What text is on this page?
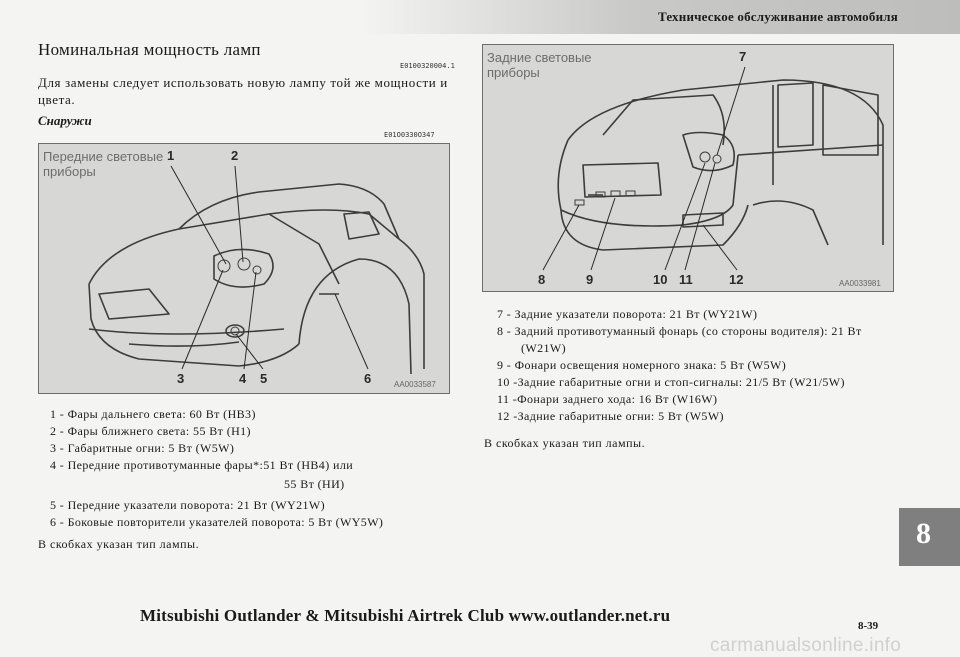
Техническое обслуживание автомобиля
Номинальная мощность ламп
E0100320004.1
Для замены следует использовать новую лампу той же мощности и
цвета.
Снаружи
E01O0330O347
Передние световые
приборы
1	2
3	4 5	6	AA0033587
Задние световые
приборы
7
8	9	10 11	12	AA0033981
1 - Фары дальнего света: 60 Вт (НВ3)
2 - Фары ближнего света: 55 Вт (Н1)
3 - Габаритные огни: 5 Вт (W5W)
4 - Передние противотуманные фары*:51 Вт (НВ4) или
55 Вт (НИ)
5 - Передние указатели поворота: 21 Вт (WY21W)
6 - Боковые повторители указателей поворота: 5 Вт (WY5W)
В скобках указан тип лампы.
7 - Задние указатели поворота: 21 Вт (WY21W)
8 - Задний противотуманный фонарь (со стороны водителя): 21 Вт
(W21W)
9 - Фонари освещения номерного знака: 5 Вт (W5W)
10 -Задние габаритные огни и стоп-сигналы: 21/5 Вт (W21/5W)
11 -Фонари заднего хода: 16 Вт (W16W)
12 -Задние габаритные огни: 5 Вт (W5W)
В скобках указан тип лампы.
8
Mitsubishi Outlander & Mitsubishi Airtrek Club www.outlander.net.ru
8-39
carmanualsonline.info
